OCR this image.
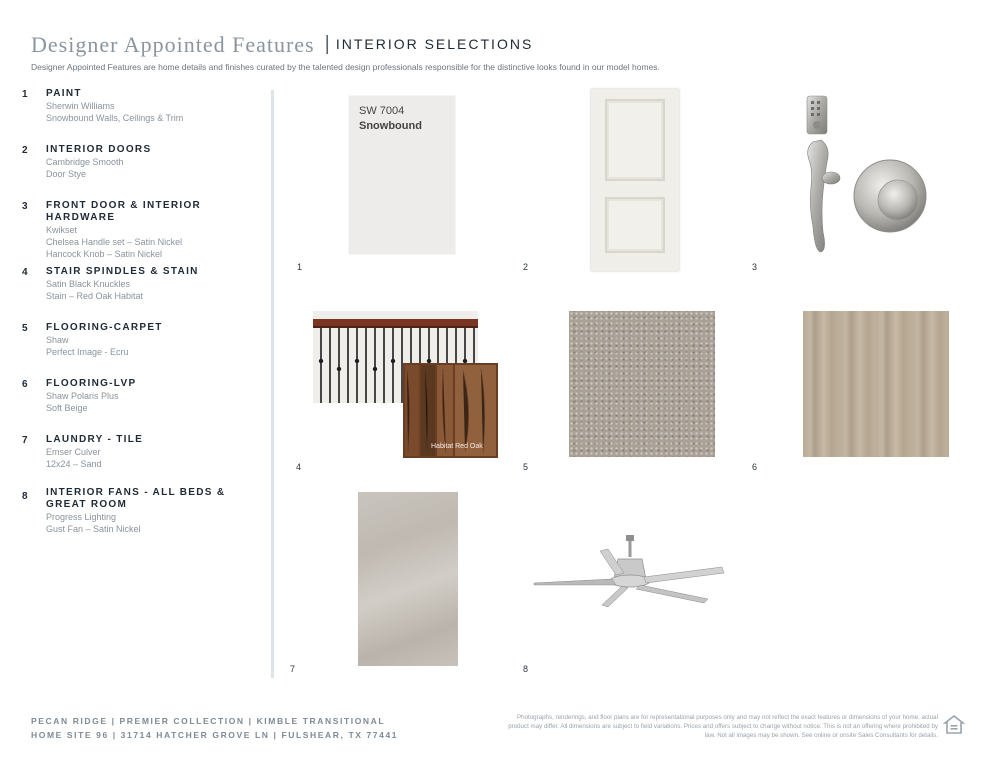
Designer Appointed Features | INTERIOR SELECTIONS
Designer Appointed Features are home details and finishes curated by the talented design professionals responsible for the distinctive looks found in our model homes.
1 PAINT
Sherwin Williams
Snowbound Walls, Ceilings & Trim
2 INTERIOR DOORS
Cambridge Smooth
Door Stye
3 FRONT DOOR & INTERIOR HARDWARE
Kwikset
Chelsea Handle set – Satin Nickel
Hancock Knob – Satin Nickel
4 STAIR SPINDLES & STAIN
Satin Black Knuckles
Stain – Red Oak Habitat
5 FLOORING-CARPET
Shaw
Perfect Image - Ecru
6 FLOORING-LVP
Shaw Polaris Plus
Soft Beige
7 LAUNDRY - TILE
Emser Culver
12x24 – Sand
8 INTERIOR FANS - ALL BEDS & GREAT ROOM
Progress Lighting
Gust Fan – Satin Nickel
SW 7004
Snowbound
1	2	3
Habitat Red Oak
4	5	6
7	8
PECAN RIDGE | PREMIER COLLECTION | KIMBLE TRANSITIONAL
HOME SITE 96 | 31714 HATCHER GROVE LN | FULSHEAR, TX 77441
Photographs, renderings, and floor plans are for representational purposes only and may not reflect the exact features or dimensions of your home; actual product may differ. All dimensions are subject to field variations. Prices and offers subject to change without notice. This is not an offering where prohibited by law. Not all images may be shown. See online or onsite Sales Consultants for details.
